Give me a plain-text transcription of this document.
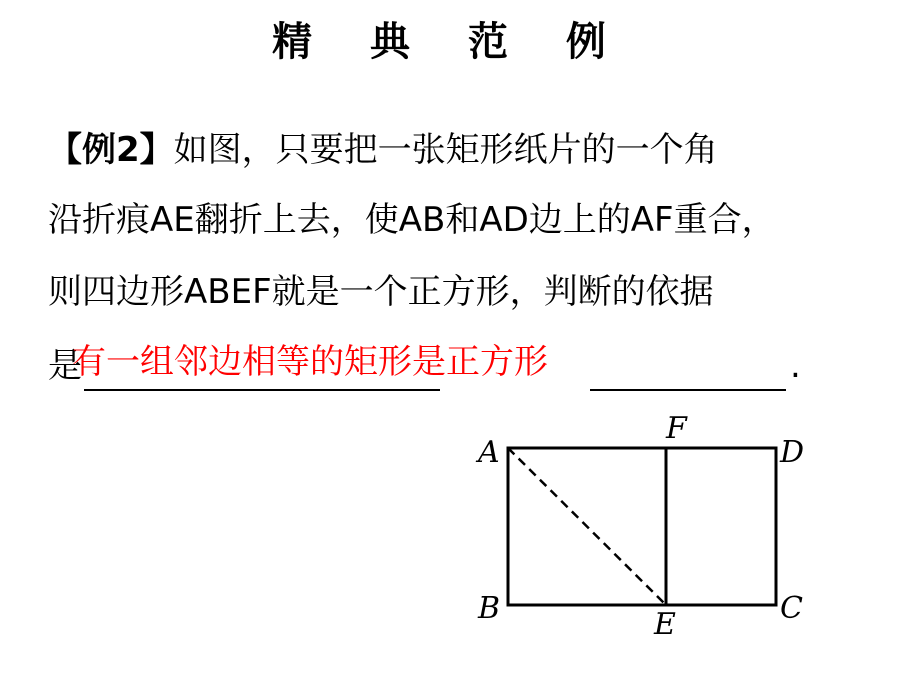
精 典 范 例
【例2】如图，只要把一张矩形纸片的一个角
沿折痕AE翻折上去，使AB和AD边上的AF重合，
则四边形ABEF就是一个正方形，判断的依据
是	.
有一组邻边相等的矩形是正方形
A
B	C
D
E
F
